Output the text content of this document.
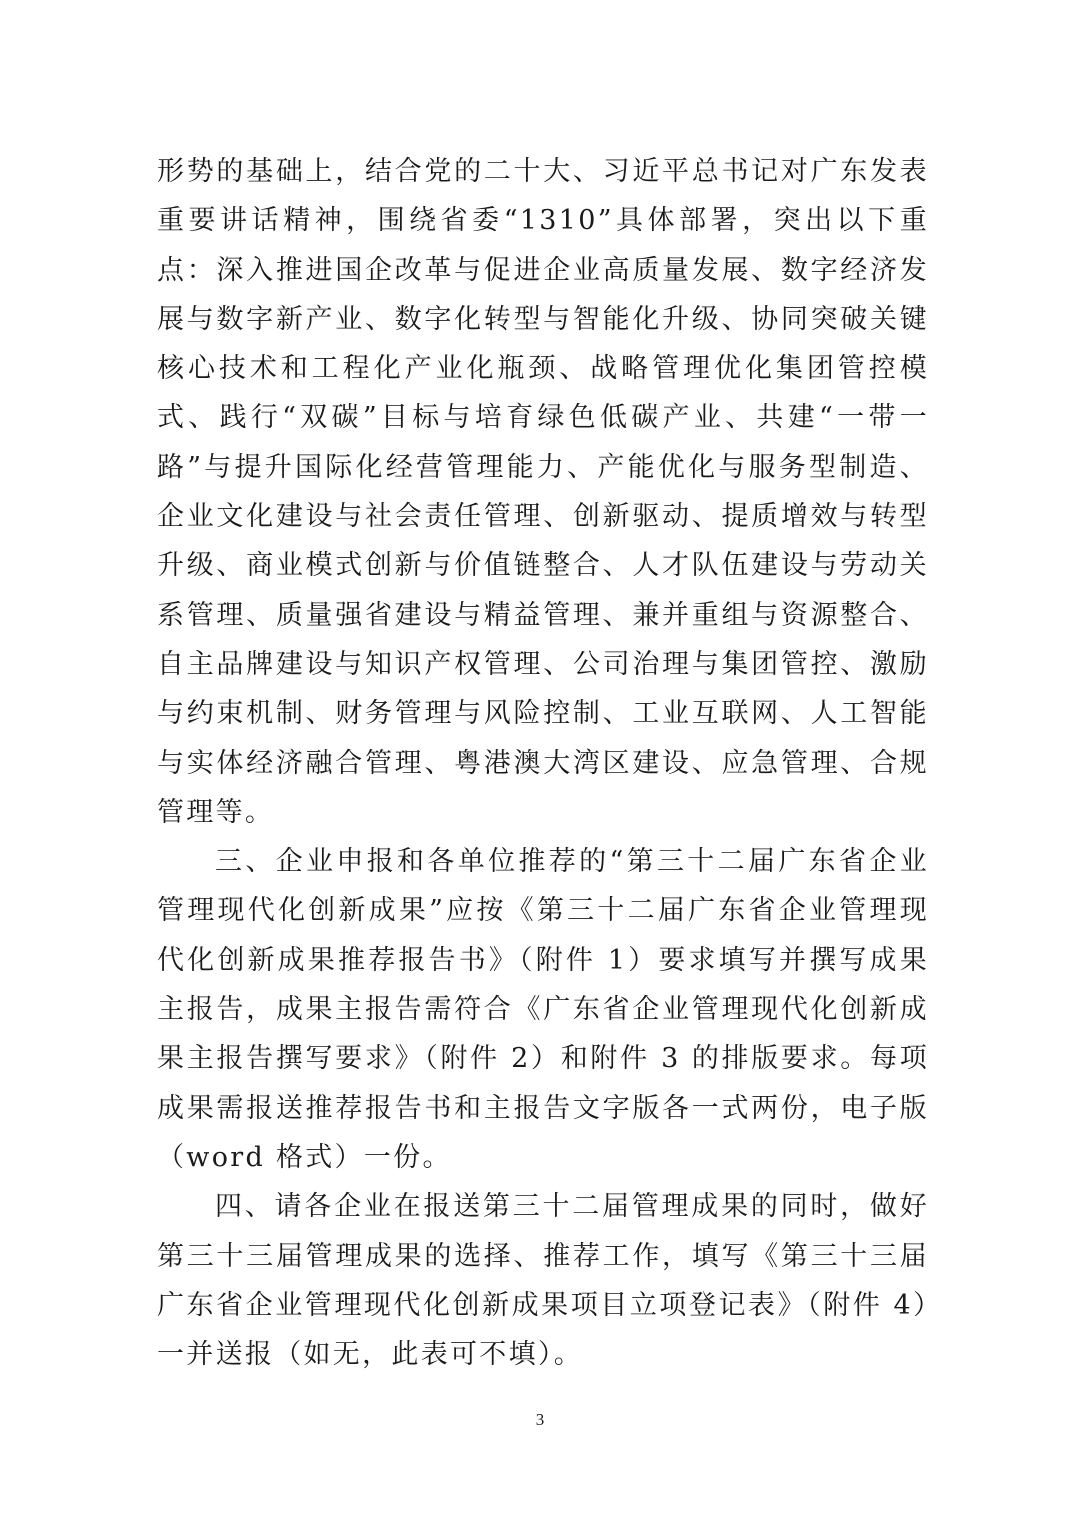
形势的基础上，结合党的二十大、习近平总书记对广东发表重要讲话精神，围绕省委“1310”具体部署，突出以下重点：深入推进国企改革与促进企业高质量发展、数字经济发展与数字新产业、数字化转型与智能化升级、协同突破关键核心技术和工程化产业化瓶颈、战略管理优化集团管控模式、践行“双碳”目标与培育绿色低碳产业、共建“一带一路”与提升国际化经营管理能力、产能优化与服务型制造、企业文化建设与社会责任管理、创新驱动、提质增效与转型升级、商业模式创新与价值链整合、人才队伍建设与劳动关系管理、质量强省建设与精益管理、兼并重组与资源整合、自主品牌建设与知识产权管理、公司治理与集团管控、激励与约束机制、财务管理与风险控制、工业互联网、人工智能与实体经济融合管理、粤港澳大湾区建设、应急管理、合规管理等。

三、企业申报和各单位推荐的“第三十二届广东省企业管理现代化创新成果”应按《第三十二届广东省企业管理现代化创新成果推荐报告书》（附件 1）要求填写并撰写成果主报告，成果主报告需符合《广东省企业管理现代化创新成果主报告撰写要求》（附件 2）和附件 3 的排版要求。每项成果需报送推荐报告书和主报告文字版各一式两份，电子版（word 格式）一份。

四、请各企业在报送第三十二届管理成果的同时，做好第三十三届管理成果的选择、推荐工作，填写《第三十三届广东省企业管理现代化创新成果项目立项登记表》（附件 4）一并送报（如无，此表可不填）。

3
